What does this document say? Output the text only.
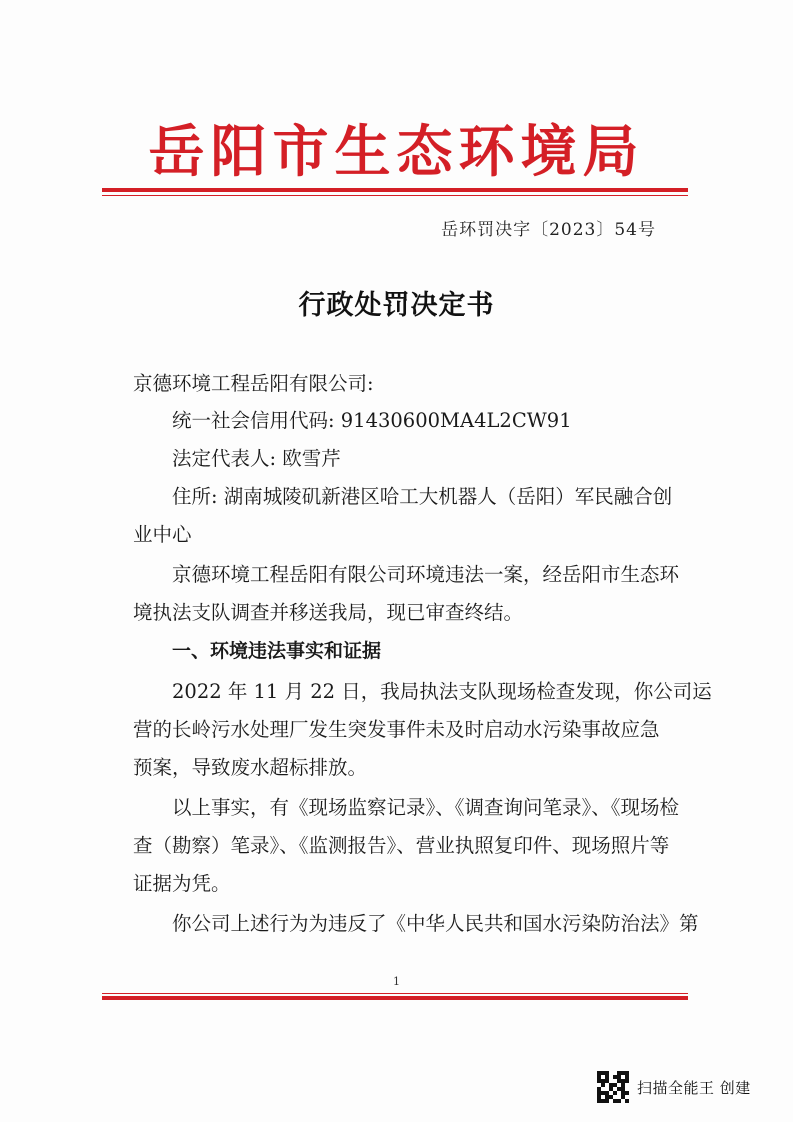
岳阳市生态环境局
岳环罚决字〔2023〕54号
行政处罚决定书
京德环境工程岳阳有限公司:
统一社会信用代码: 91430600MA4L2CW91
法定代表人: 欧雪芹
住所: 湖南城陵矶新港区哈工大机器人（岳阳）军民融合创
业中心
京德环境工程岳阳有限公司环境违法一案，经岳阳市生态环
境执法支队调查并移送我局，现已审查终结。
一、环境违法事实和证据
2022 年 11 月 22 日，我局执法支队现场检查发现，你公司运
营的长岭污水处理厂发生突发事件未及时启动水污染事故应急
预案，导致废水超标排放。
以上事实，有《现场监察记录》、《调查询问笔录》、《现场检
查（勘察）笔录》、《监测报告》、营业执照复印件、现场照片等
证据为凭。
你公司上述行为为违反了《中华人民共和国水污染防治法》第
1
扫描全能王 创建
